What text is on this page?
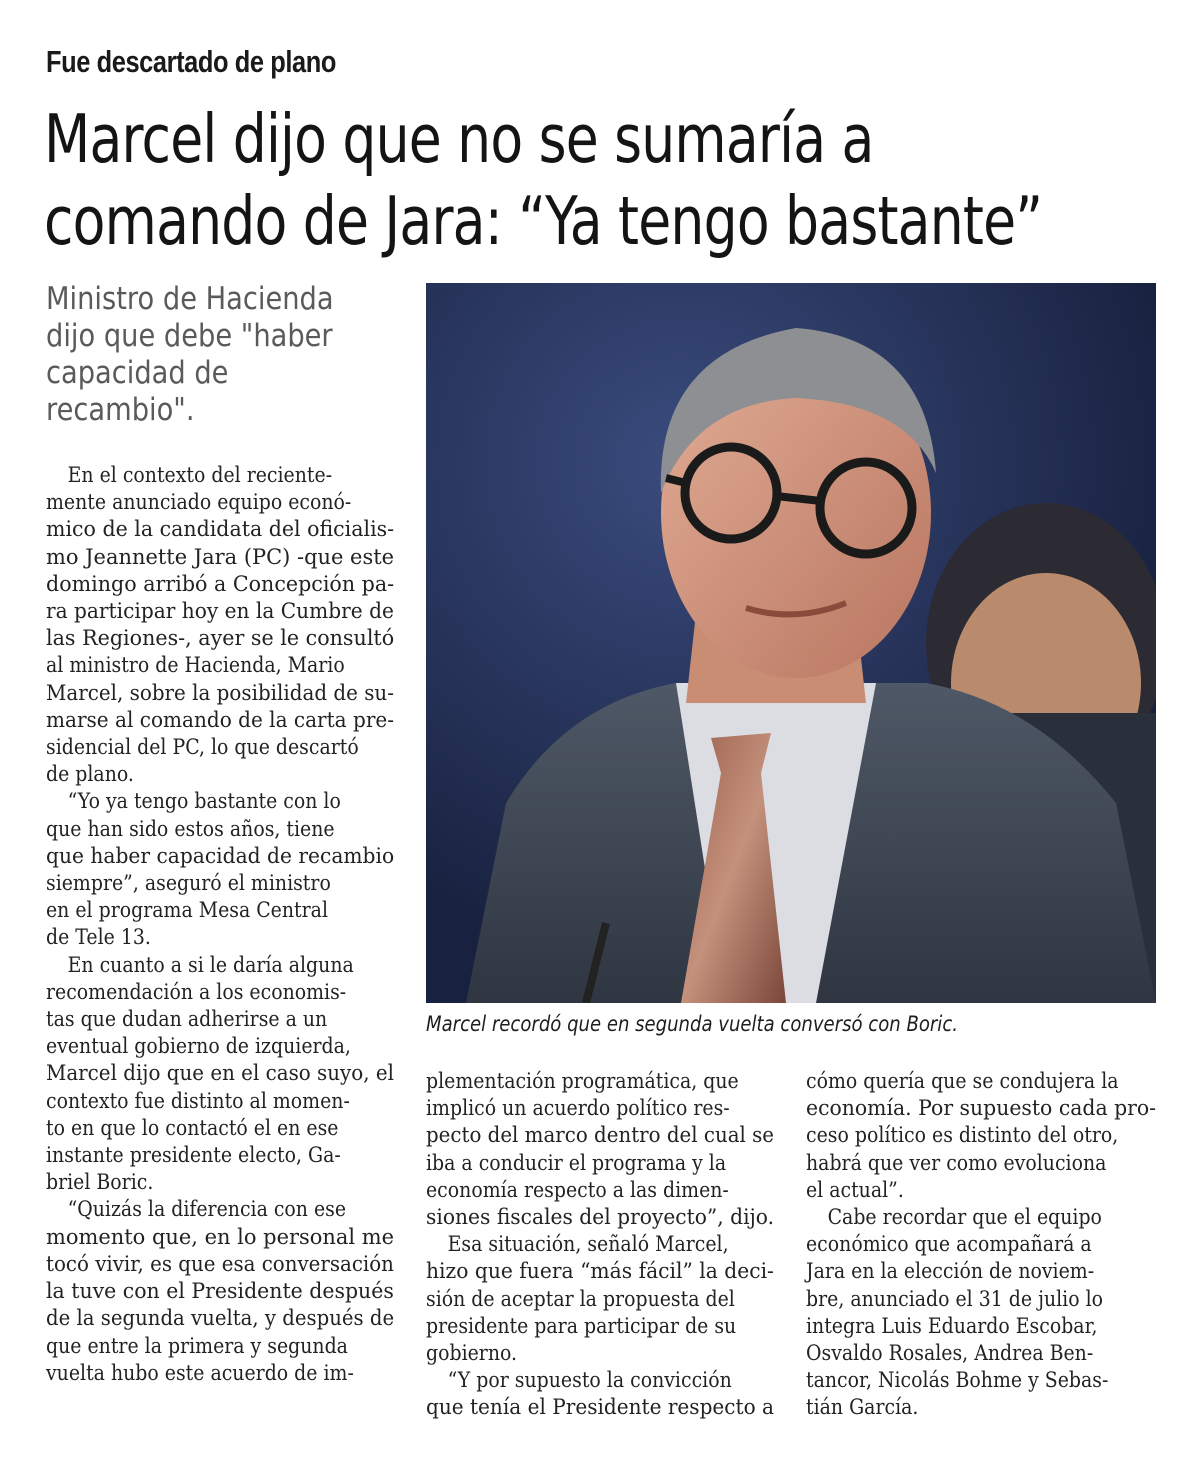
Fue descartado de plano
Marcel dijo que no se sumaría a
comando de Jara: “Ya tengo bastante”
Ministro de Hacienda
dijo que debe "haber
capacidad de
recambio".
Marcel recordó que en segunda vuelta conversó con Boric.
En el contexto del reciente-
mente anunciado equipo econó-
mico de la candidata del oficialis-
mo Jeannette Jara (PC) -que este
domingo arribó a Concepción pa-
ra participar hoy en la Cumbre de
las Regiones-, ayer se le consultó
al ministro de Hacienda, Mario
Marcel, sobre la posibilidad de su-
marse al comando de la carta pre-
sidencial del PC, lo que descartó
de plano.
“Yo ya tengo bastante con lo
que han sido estos años, tiene
que haber capacidad de recambio
siempre”, aseguró el ministro
en el programa Mesa Central
de Tele 13.
En cuanto a si le daría alguna
recomendación a los economis-
tas que dudan adherirse a un
eventual gobierno de izquierda,
Marcel dijo que en el caso suyo, el
contexto fue distinto al momen-
to en que lo contactó el en ese
instante presidente electo, Ga-
briel Boric.
“Quizás la diferencia con ese
momento que, en lo personal me
tocó vivir, es que esa conversación
la tuve con el Presidente después
de la segunda vuelta, y después de
que entre la primera y segunda
vuelta hubo este acuerdo de im-
plementación programática, que
implicó un acuerdo político res-
pecto del marco dentro del cual se
iba a conducir el programa y la
economía respecto a las dimen-
siones fiscales del proyecto”, dijo.
Esa situación, señaló Marcel,
hizo que fuera “más fácil” la deci-
sión de aceptar la propuesta del
presidente para participar de su
gobierno.
“Y por supuesto la convicción
que tenía el Presidente respecto a
cómo quería que se condujera la
economía. Por supuesto cada pro-
ceso político es distinto del otro,
habrá que ver como evoluciona
el actual”.
Cabe recordar que el equipo
económico que acompañará a
Jara en la elección de noviem-
bre, anunciado el 31 de julio lo
integra Luis Eduardo Escobar,
Osvaldo Rosales, Andrea Ben-
tancor, Nicolás Bohme y Sebas-
tián García.
